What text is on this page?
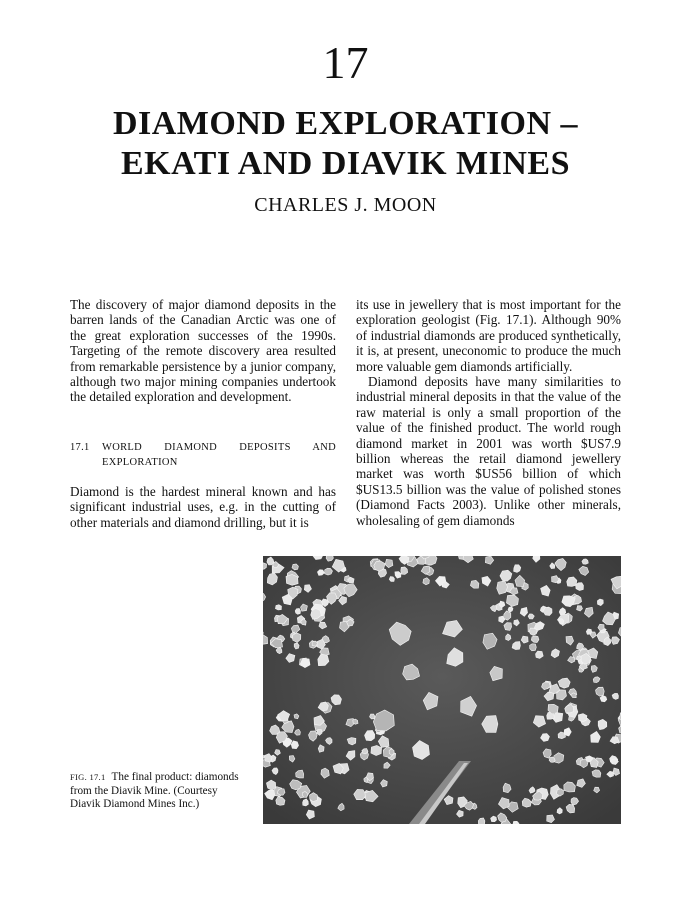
17
DIAMOND EXPLORATION –
EKATI AND DIAVIK MINES
CHARLES J. MOON

The discovery of major diamond deposits in the barren lands of the Canadian Arctic was one of the great exploration successes of the 1990s. Targeting of the remote discovery area resulted from remarkable persistence by a junior company, although two major mining companies undertook the detailed exploration and development.

17.1	WORLD DIAMOND DEPOSITS AND EXPLORATION

Diamond is the hardest mineral known and has significant industrial uses, e.g. in the cutting of other materials and diamond drilling, but it is

its use in jewellery that is most important for the exploration geologist (Fig. 17.1). Although 90% of industrial diamonds are produced synthetically, it is, at present, uneconomic to produce the much more valuable gem diamonds artificially.

Diamond deposits have many similarities to industrial mineral deposits in that the value of the raw material is only a small proportion of the value of the finished product. The world rough diamond market in 2001 was worth $US7.9 billion whereas the retail diamond jewellery market was worth $US56 billion of which $US13.5 billion was the value of polished stones (Diamond Facts 2003). Unlike other minerals, wholesaling of gem diamonds

FIG. 17.1 The final product: diamonds from the Diavik Mine. (Courtesy Diavik Diamond Mines Inc.)
